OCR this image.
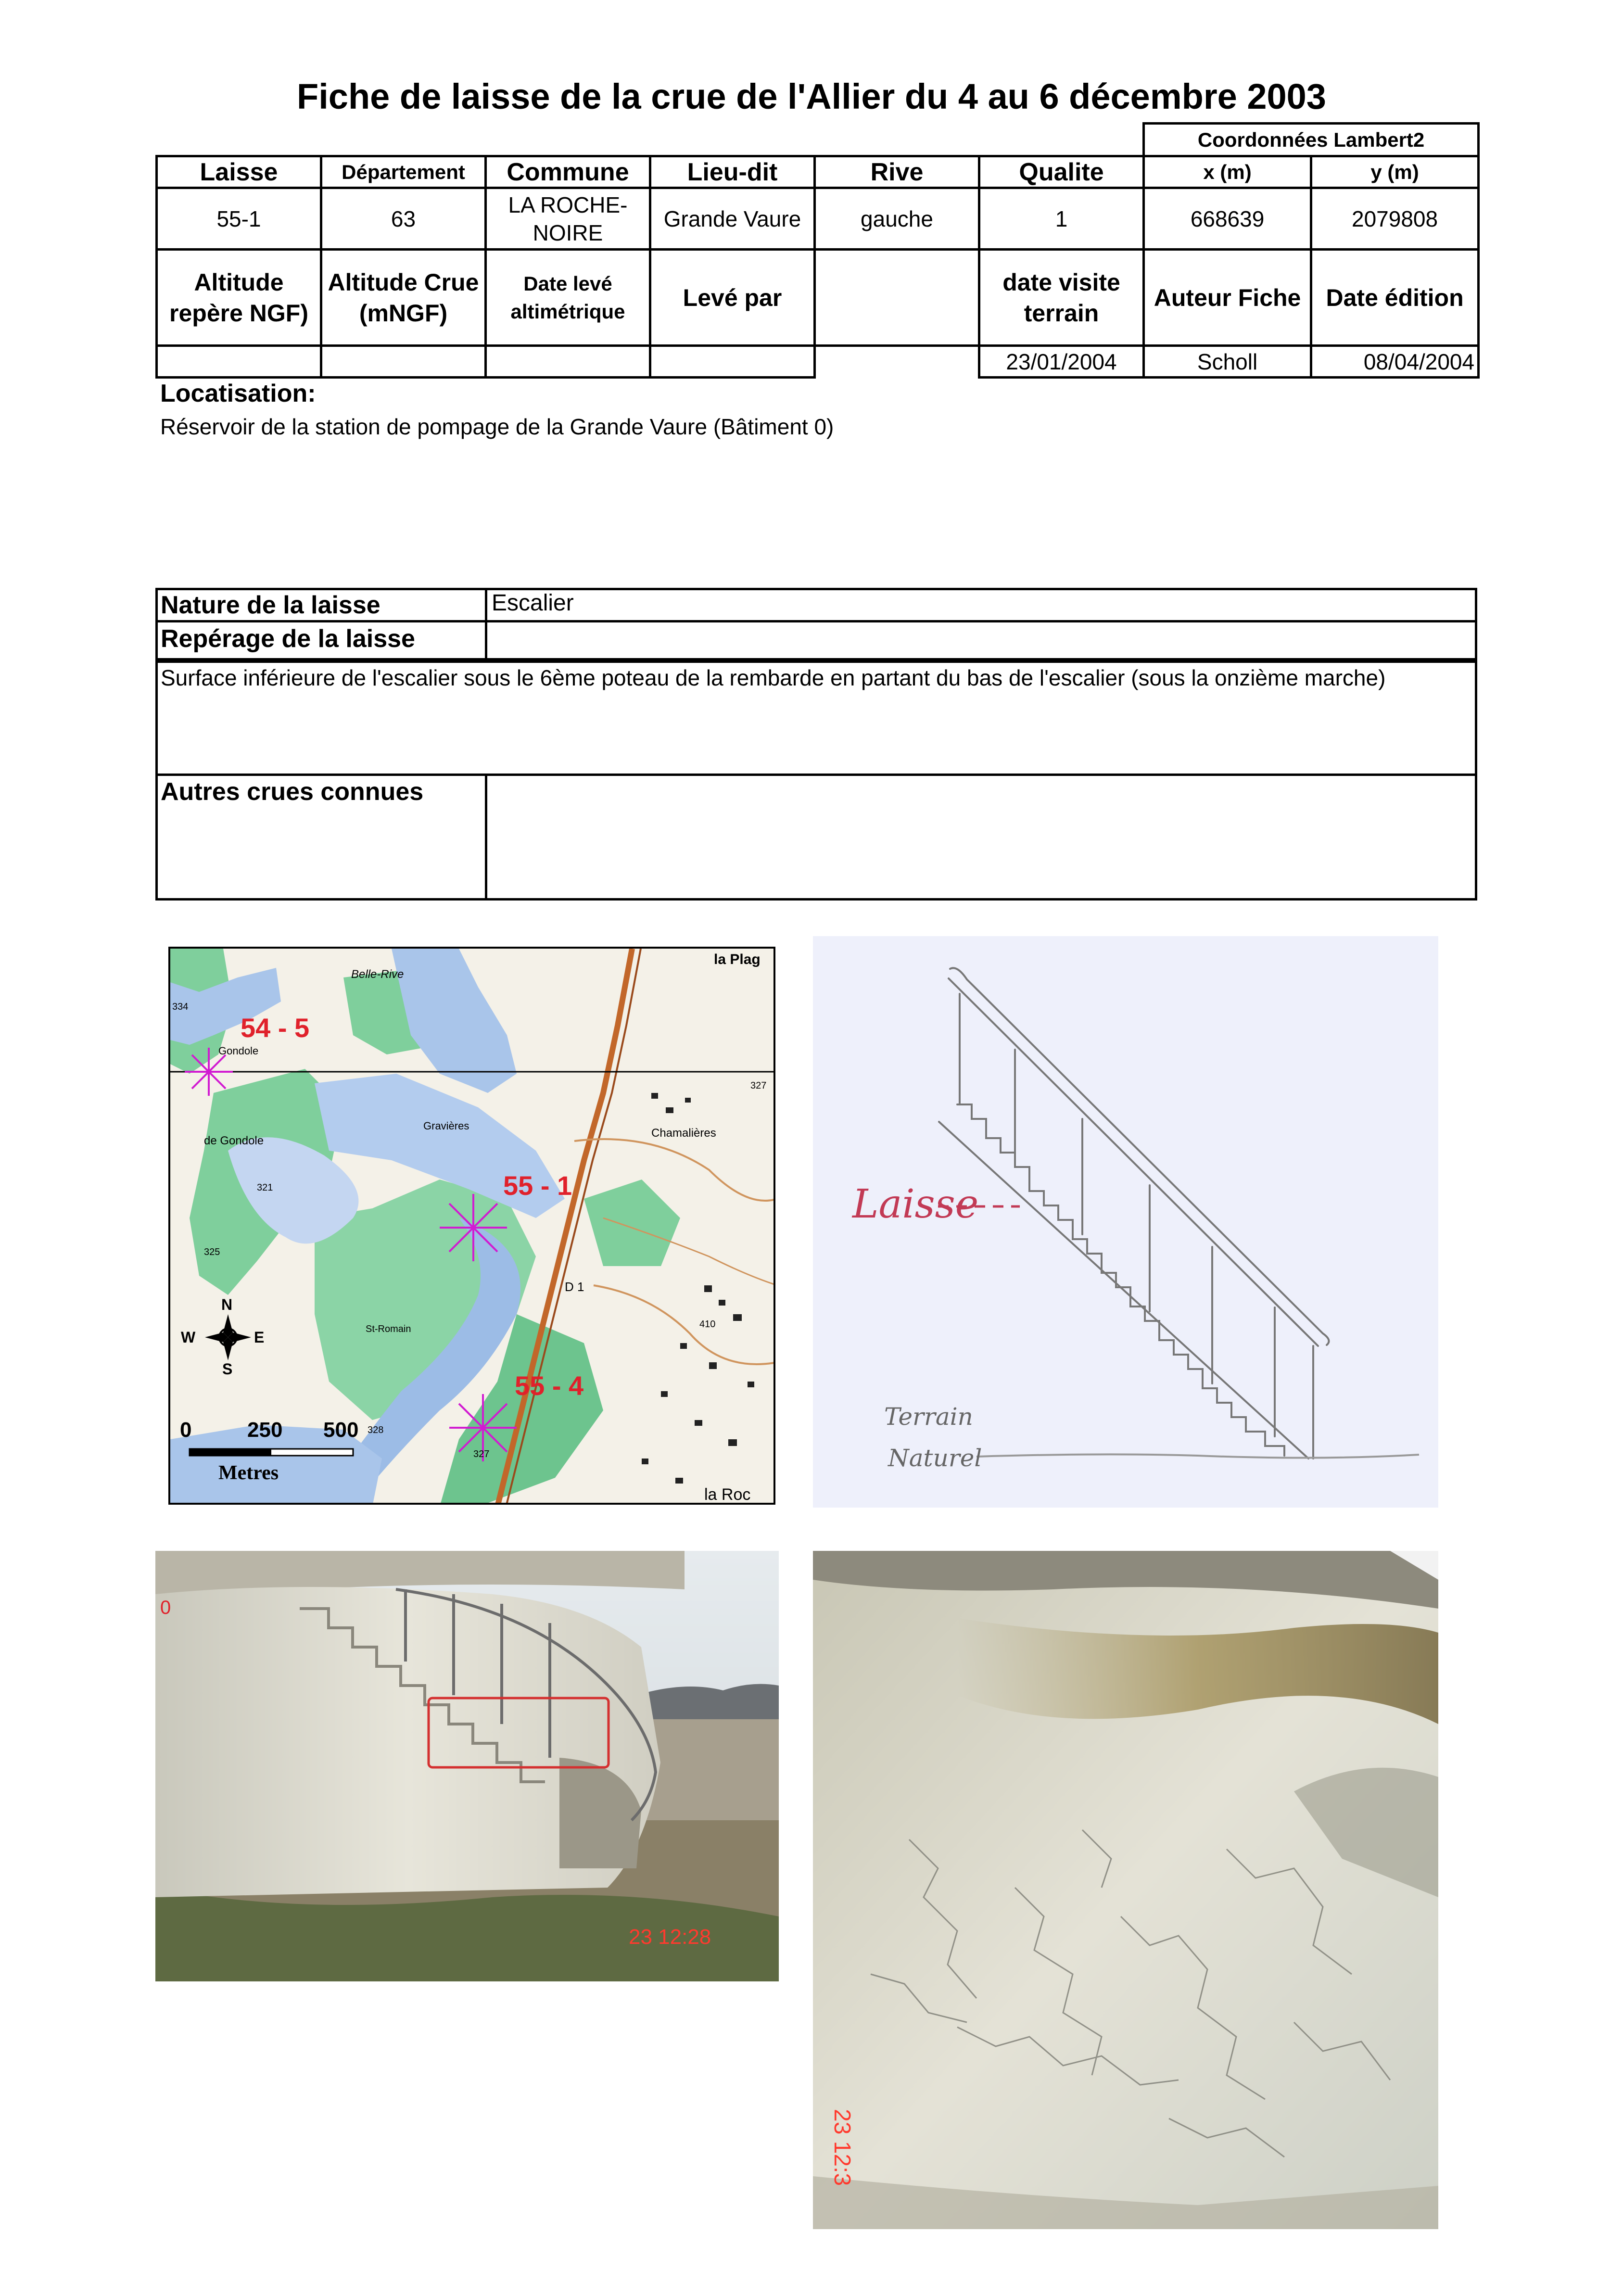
Fiche de laisse de la crue de l'Allier du 4 au 6 décembre 2003
						Coordonnées Lambert2	
Laisse	Département	Commune	Lieu-dit	Rive	Qualite	x (m)	y (m)
55-1	63	LA ROCHE-NOIRE	Grande Vaure	gauche	1	668639	2079808
Altitude repère NGF)	Altitude Crue (mNGF)	Date levé altimétrique	Levé par		date visite terrain	Auteur Fiche	Date édition
					23/01/2004	Scholl	08/04/2004
Locatisation:
Réservoir de la station de pompage de la Grande Vaure (Bâtiment 0)
Nature de la laisse	Escalier
Repérage de la laisse
Surface inférieure de l'escalier sous le 6ème poteau de la rembarde en partant du bas de l'escalier (sous la onzième marche)
Autres crues connues
54 - 5
55 - 1
55 - 4
la Plag
Belle-Rive
Gondole
de Gondole
Chamalières
St-Romain
Gravières
D 1
la Roc
334
327
321
325
328
410
327
N
S
E
W
0	250 500
Metres
Laisse
Terrain
Naturel
0
23 12:28
23 12:3
